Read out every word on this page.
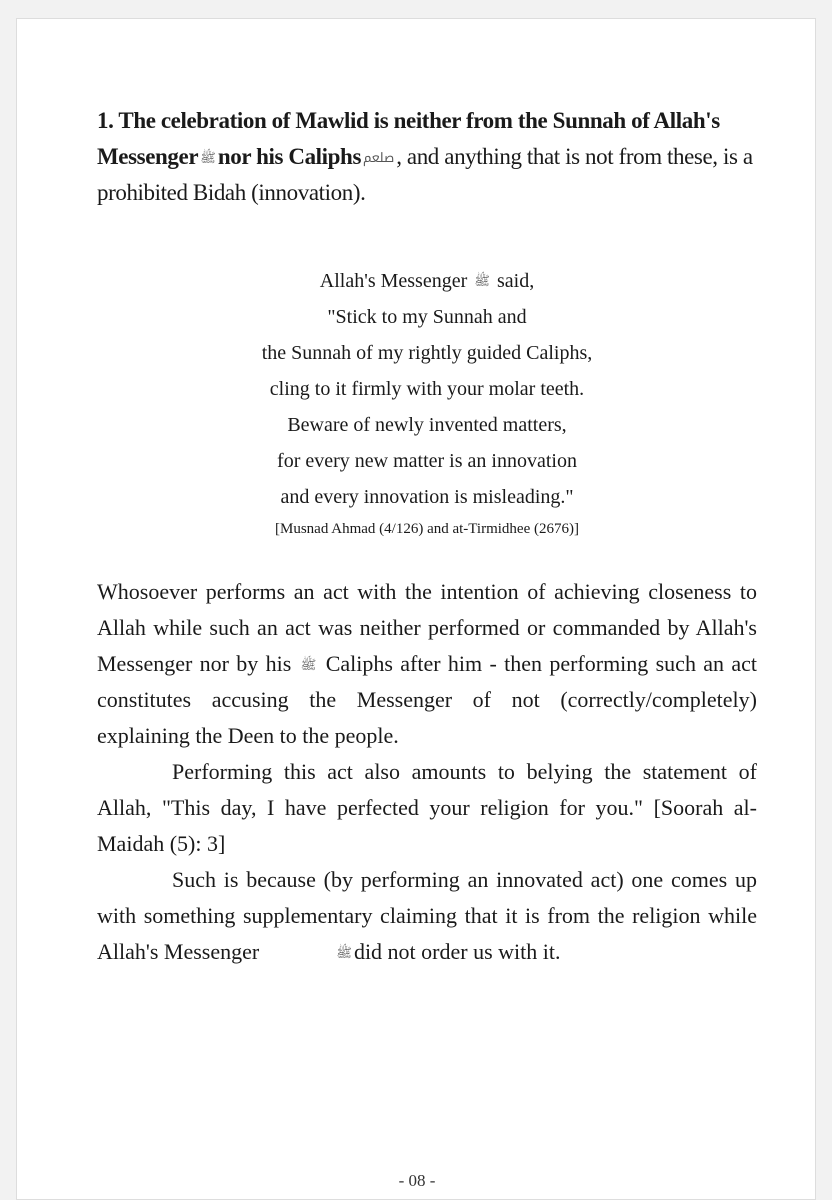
1. The celebration of Mawlid is neither from the Sunnah of Allah's Messenger ﷺnor his Caliphs ﷵ, and anything that is not from these, is a prohibited Bidah (innovation).
Allah's Messenger ﷺ said,
"Stick to my Sunnah and
the Sunnah of my rightly guided Caliphs,
cling to it firmly with your molar teeth.
Beware of newly invented matters,
for every new matter is an innovation
and every innovation is misleading."
[Musnad Ahmad (4/126) and at-Tirmidhee (2676)]

Whosoever performs an act with the intention of achieving closeness to Allah while such an act was neither performed or commanded by Allah's Messenger nor by his ﷺ Caliphs after him - then performing such an act constitutes accusing the Messenger of not (correctly/completely) explaining the Deen to the people.

Performing this act also amounts to belying the statement of Allah, "This day, I have perfected your religion for you." [Soorah al-Maidah (5): 3]

Such is because (by performing an innovated act) one comes up with something supplementary claiming that it is from the religion while Allah's Messenger	ﷺdid not order us with it.

- 08 -
